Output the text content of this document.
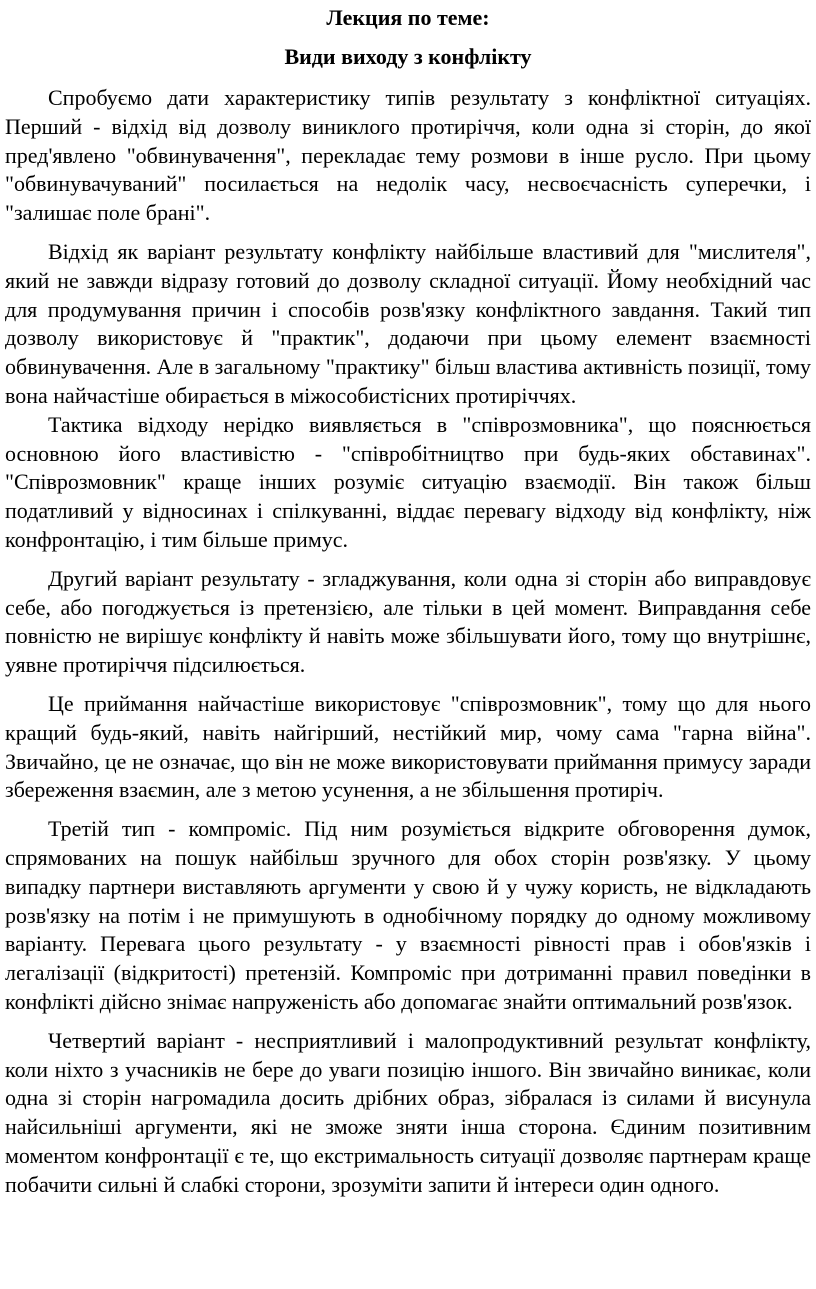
Лекция по теме:
Види виходу з конфлікту

Спробуємо дати характеристику типів результату з конфліктної ситуаціях. Перший - відхід від дозволу виниклого протиріччя, коли одна зі сторін, до якої пред'явлено "обвинувачення", перекладає тему розмови в інше русло. При цьому "обвинувачуваний" посилається на недолік часу, несвоєчасність суперечки, і "залишає поле брані".

Відхід як варіант результату конфлікту найбільше властивий для "мислителя", який не завжди відразу готовий до дозволу складної ситуації. Йому необхідний час для продумування причин і способів розв'язку конфліктного завдання. Такий тип дозволу використовує й "практик", додаючи при цьому елемент взаємності обвинувачення. Але в загальному "практику" більш властива активність позиції, тому вона найчастіше обирається в міжособистісних протиріччях.

Тактика відходу нерідко виявляється в "співрозмовника", що пояснюється основною його властивістю - "співробітництво при будь-яких обставинах". "Співрозмовник" краще інших розуміє ситуацію взаємодії. Він також більш податливий у відносинах і спілкуванні, віддає перевагу відходу від конфлікту, ніж конфронтацію, і тим більше примус.

Другий варіант результату - згладжування, коли одна зі сторін або виправдовує себе, або погоджується із претензією, але тільки в цей момент. Виправдання себе повністю не вирішує конфлікту й навіть може збільшувати його, тому що внутрішнє, уявне протиріччя підсилюється.

Це приймання найчастіше використовує "співрозмовник", тому що для нього кращий будь-який, навіть найгірший, нестійкий мир, чому сама "гарна війна". Звичайно, це не означає, що він не може використовувати приймання примусу заради збереження взаємин, але з метою усунення, а не збільшення протиріч.

Третій тип - компроміс. Під ним розуміється відкрите обговорення думок, спрямованих на пошук найбільш зручного для обох сторін розв'язку. У цьому випадку партнери виставляють аргументи у свою й у чужу користь, не відкладають розв'язку на потім і не примушують в однобічному порядку до одному можливому варіанту. Перевага цього результату - у взаємності рівності прав і обов'язків і легалізації (відкритості) претензій. Компроміс при дотриманні правил поведінки в конфлікті дійсно знімає напруженість або допомагає знайти оптимальний розв'язок.

Четвертий варіант - несприятливий і малопродуктивний результат конфлікту, коли ніхто з учасників не бере до уваги позицію іншого. Він звичайно виникає, коли одна зі сторін нагромадила досить дрібних образ, зібралася із силами й висунула найсильніші аргументи, які не зможе зняти інша сторона. Єдиним позитивним моментом конфронтації є те, що екстримальность ситуації дозволяє партнерам краще побачити сильні й слабкі сторони, зрозуміти запити й інтереси один одного.
